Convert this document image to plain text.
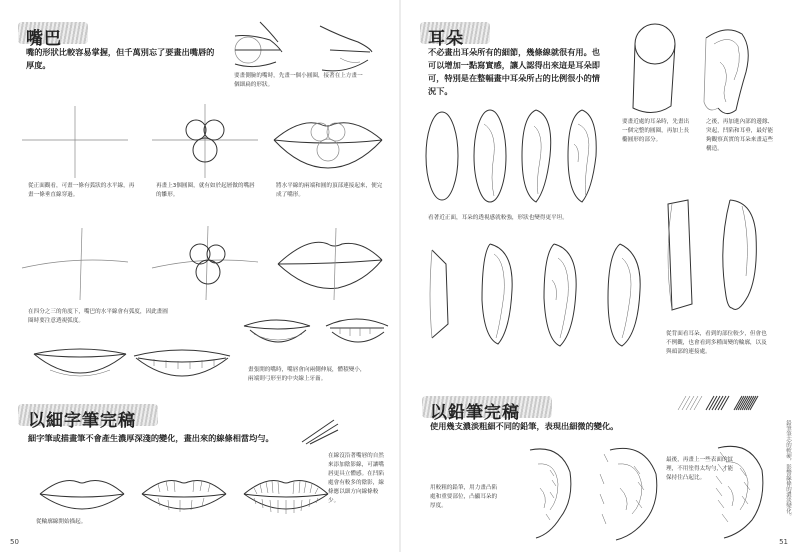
嘴巴
嘴的形狀比較容易掌握，但千萬別忘了要畫出嘴唇的厚度。
要畫側臉的嘴時，先畫一個小圓圈，接著在上方畫一個細扁的形狀。
從正面觀看，可畫一條有弧狀的水平線，再畫一條垂直線穿過。
再畫上3個圓圈，就有如於起層做的嘴唇的雛形。
將水平線的兩端和圓的頂部連接起來，便完成了嘴形。
在四分之三的角度下，嘴巴的水平線會有弧度，因此畫圓圈時要注意透視弧度。
畫張開的嘴時，嘴唇會向兩側伸展，體積變小，兩端則弓形至的中央線上牙齒。
以細字筆完稿
細字筆或描畫筆不會產生濃厚深淺的變化，畫出來的線條相當均勻。
在線沒沿著嘴唇的自然來添加陰影線，可讓嘴唇更具立體感。在凹陷處會有較多的陰影，線條應以細方向線條較少。
從輪廓線開始描起。
50
耳朵
不必畫出耳朵所有的細節，幾條線就很有用。也可以增加一點寫實感，讓人認得出來這是耳朵即可，特別是在整幅畫中耳朵所占的比例很小的情況下。
要畫近處的耳朵時，先畫出一個完整的圓圈，再加上長橢圓形的部分。
之後，再加進內部的邊緣、突起，凹陷和耳垂，最好能夠觀察真實的耳朵來畫這些構造。
看著近正面，耳朵的透視感就較強，形狀也變得更平坦。
從背面看耳朵，看到的部位較少，但會也不例觀，也會看到多種面變的輪廓，以及與頭部的連接處。
以鉛筆完稿
使用幾支濃淡粗細不同的鉛筆，表現出細微的變化。
用較粗的鉛筆，用力畫凸陷處和重要部位，凸顯耳朵的厚度。
最後，再畫上一些表面的紋理，不用塗得太均勻，才能保持住凸起比。	鉛筆筆芯的軟硬，影響線條的濃淡變化。
51
